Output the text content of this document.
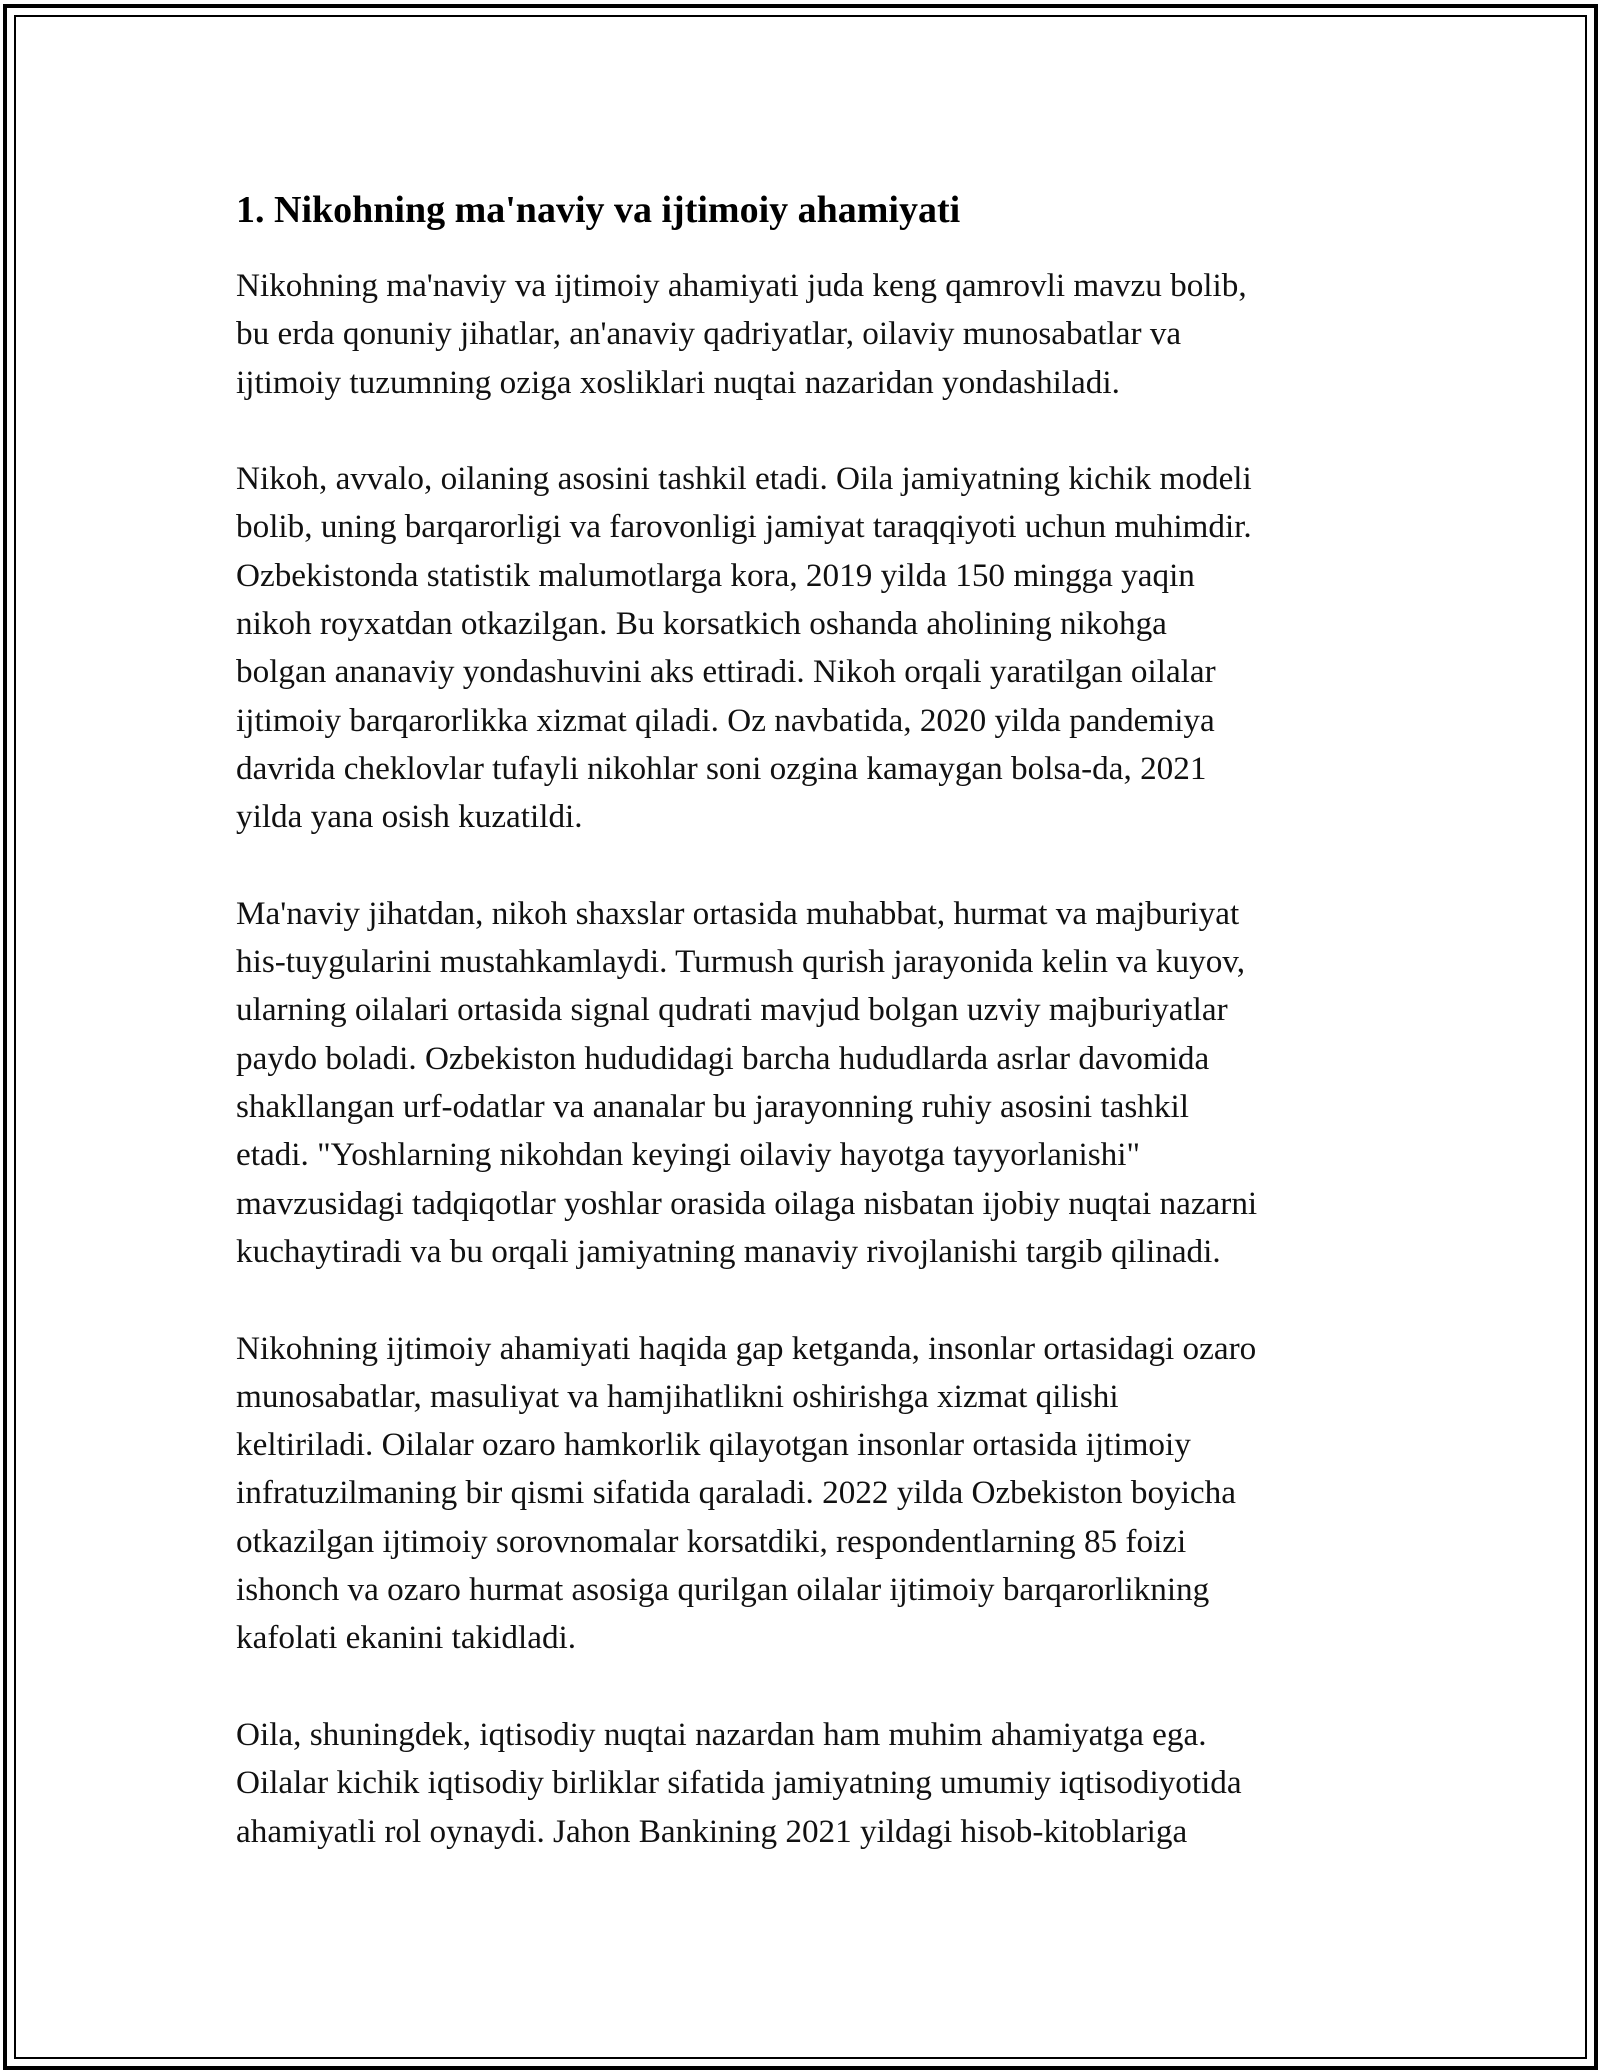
1. Nikohning ma'naviy va ijtimoiy ahamiyati
Nikohning ma'naviy va ijtimoiy ahamiyati juda keng qamrovli mavzu bolib,
bu erda qonuniy jihatlar, an'anaviy qadriyatlar, oilaviy munosabatlar va
ijtimoiy tuzumning oziga xosliklari nuqtai nazaridan yondashiladi.
Nikoh, avvalo, oilaning asosini tashkil etadi. Oila jamiyatning kichik modeli
bolib, uning barqarorligi va farovonligi jamiyat taraqqiyoti uchun muhimdir.
Ozbekistonda statistik malumotlarga kora, 2019 yilda 150 mingga yaqin
nikoh royxatdan otkazilgan. Bu korsatkich oshanda aholining nikohga
bolgan ananaviy yondashuvini aks ettiradi. Nikoh orqali yaratilgan oilalar
ijtimoiy barqarorlikka xizmat qiladi. Oz navbatida, 2020 yilda pandemiya
davrida cheklovlar tufayli nikohlar soni ozgina kamaygan bolsa-da, 2021
yilda yana osish kuzatildi.
Ma'naviy jihatdan, nikoh shaxslar ortasida muhabbat, hurmat va majburiyat
his-tuygularini mustahkamlaydi. Turmush qurish jarayonida kelin va kuyov,
ularning oilalari ortasida signal qudrati mavjud bolgan uzviy majburiyatlar
paydo boladi. Ozbekiston hududidagi barcha hududlarda asrlar davomida
shakllangan urf-odatlar va ananalar bu jarayonning ruhiy asosini tashkil
etadi. "Yoshlarning nikohdan keyingi oilaviy hayotga tayyorlanishi"
mavzusidagi tadqiqotlar yoshlar orasida oilaga nisbatan ijobiy nuqtai nazarni
kuchaytiradi va bu orqali jamiyatning manaviy rivojlanishi targib qilinadi.
Nikohning ijtimoiy ahamiyati haqida gap ketganda, insonlar ortasidagi ozaro
munosabatlar, masuliyat va hamjihatlikni oshirishga xizmat qilishi
keltiriladi. Oilalar ozaro hamkorlik qilayotgan insonlar ortasida ijtimoiy
infratuzilmaning bir qismi sifatida qaraladi. 2022 yilda Ozbekiston boyicha
otkazilgan ijtimoiy sorovnomalar korsatdiki, respondentlarning 85 foizi
ishonch va ozaro hurmat asosiga qurilgan oilalar ijtimoiy barqarorlikning
kafolati ekanini takidladi.
Oila, shuningdek, iqtisodiy nuqtai nazardan ham muhim ahamiyatga ega.
Oilalar kichik iqtisodiy birliklar sifatida jamiyatning umumiy iqtisodiyotida
ahamiyatli rol oynaydi. Jahon Bankining 2021 yildagi hisob-kitoblariga
